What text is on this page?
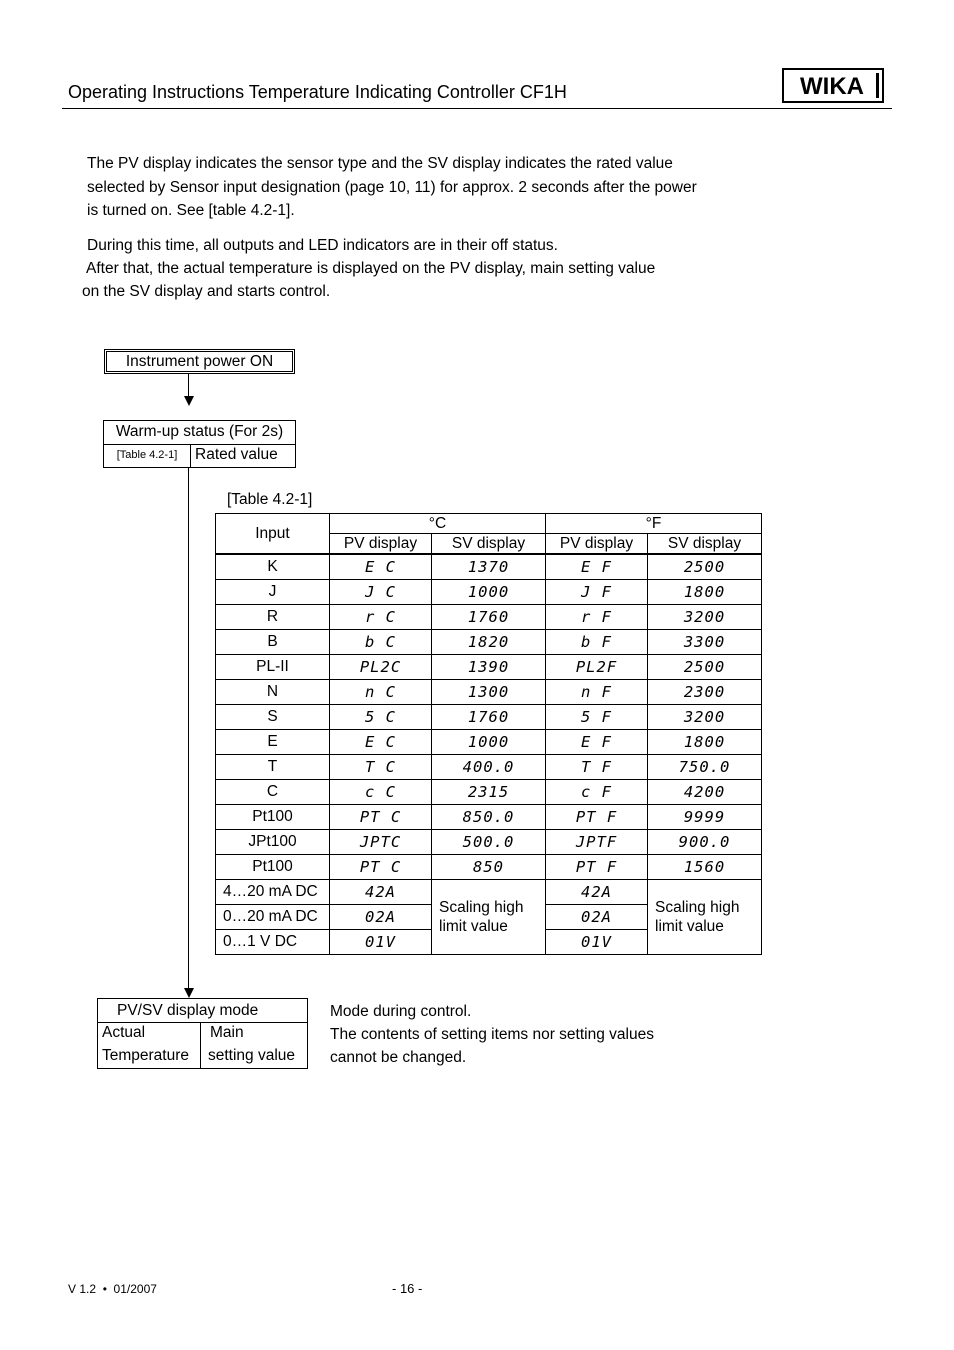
Operating Instructions Temperature Indicating Controller CF1H	WIKA
The PV display indicates the sensor type and the SV display indicates the rated value
selected by Sensor input designation (page 10, 11) for approx. 2 seconds after the power
is turned on. See [table 4.2-1].
During this time, all outputs and LED indicators are in their off status.
After that, the actual temperature is displayed on the PV display, main setting value
on the SV display and starts control.
Instrument power ON
Warm-up status (For 2s)
[Table 4.2-1]	Rated value
[Table 4.2-1]
Input	°C		°F	
	PV display	SV display	PV display	SV display
K	E C	1370	E F	2500
J	J C	1000	J F	1800
R	r C	1760	r F	3200
B	b C	1820	b F	3300
PL-II	PL2C	1390	PL2F	2500
N	n C	1300	n F	2300
S	5 C	1760	5 F	3200
E	E C	1000	E F	1800
T	T C	400.0	T F	750.0
C	c C	2315	c F	4200
Pt100	PT C	850.0	PT F	9999
JPt100	JPTC	500.0	JPTF	900.0
Pt100	PT C	850	PT F	1560
4…20 mA DC	42A	Scaling high limit value	42A	Scaling high limit value
0…20 mA DC	02A		02A	
0…1 V DC	01V		01V	
PV/SV display mode
Actual
Temperature
Main
setting value
Mode during control.
The contents of setting items nor setting values
cannot be changed.
V 1.2  •  01/2007	- 16 -
